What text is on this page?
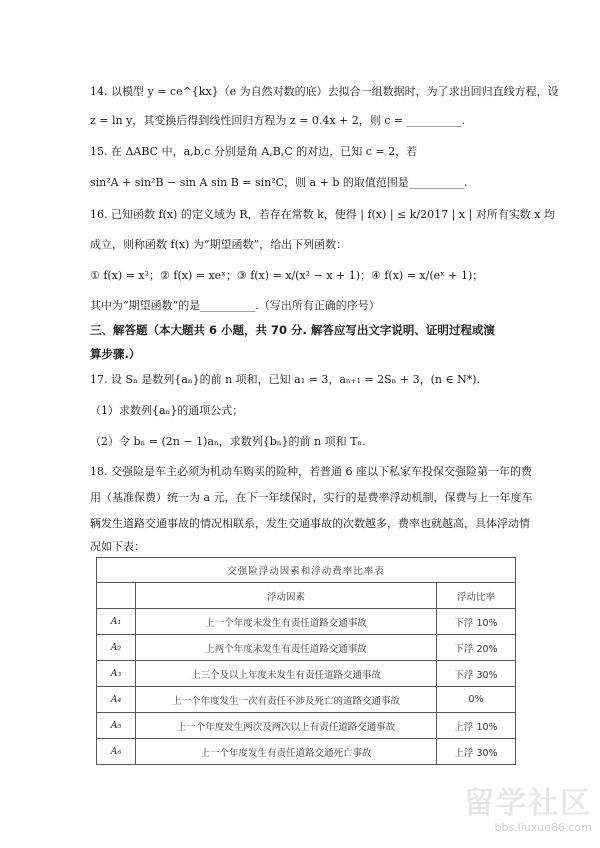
14. 以模型 y = ce^{kx}（e 为自然对数的底）去拟合一组数据时，为了求出回归直线方程，设
z = ln y，其变换后得到线性回归方程为 z = 0.4x + 2，则 c = __________.
15. 在 ΔABC 中，a,b,c 分别是角 A,B,C 的对边，已知 c = 2，若
sin²A + sin²B − sin A sin B = sin²C，则 a + b 的取值范围是__________.
16. 已知函数 f(x) 的定义域为 R，若存在常数 k，使得 | f(x) | ≤ k/2017 | x | 对所有实数 x 均
成立，则称函数 f(x) 为“期望函数”，给出下列函数：
① f(x) = x²；② f(x) = xeˣ；③ f(x) = x/(x² − x + 1)；④ f(x) = x/(eˣ + 1)；
其中为“期望函数”的是__________.（写出所有正确的序号）
三、解答题（本大题共 6 小题，共 70 分. 解答应写出文字说明、证明过程或演
算步骤.）
17. 设 Sₙ 是数列{aₙ}的前 n 项和，已知 a₁ = 3，aₙ₊₁ = 2Sₙ + 3，(n ∈ N*).
（1）求数列{aₙ}的通项公式；
（2）令 bₙ = (2n − 1)aₙ，求数列{bₙ}的前 n 项和 Tₙ.
18. 交强险是车主必须为机动车购买的险种，若普通 6 座以下私家车投保交强险第一年的费
用（基准保费）统一为 a 元，在下一年续保时，实行的是费率浮动机制，保费与上一年度车
辆发生道路交通事故的情况相联系，发生交通事故的次数越多，费率也就越高，具体浮动情
况如下表：
交强险浮动因素和浮动费率比率表		
	浮动因素	浮动比率
A₁	上一个年度未发生有责任道路交通事故	下浮 10%
A₂	上两个年度未发生有责任道路交通事故	下浮 20%
A₃	上三个及以上年度未发生有责任道路交通事故	下浮 30%
A₄	上一个年度发生一次有责任不涉及死亡的道路交通事故	0%
A₅	上一个年度发生两次及两次以上有责任道路交通事故	上浮 10%
A₆	上一个年度发生有责任道路交通死亡事故	上浮 30%
留学社区
bbs.liuxue86.com
